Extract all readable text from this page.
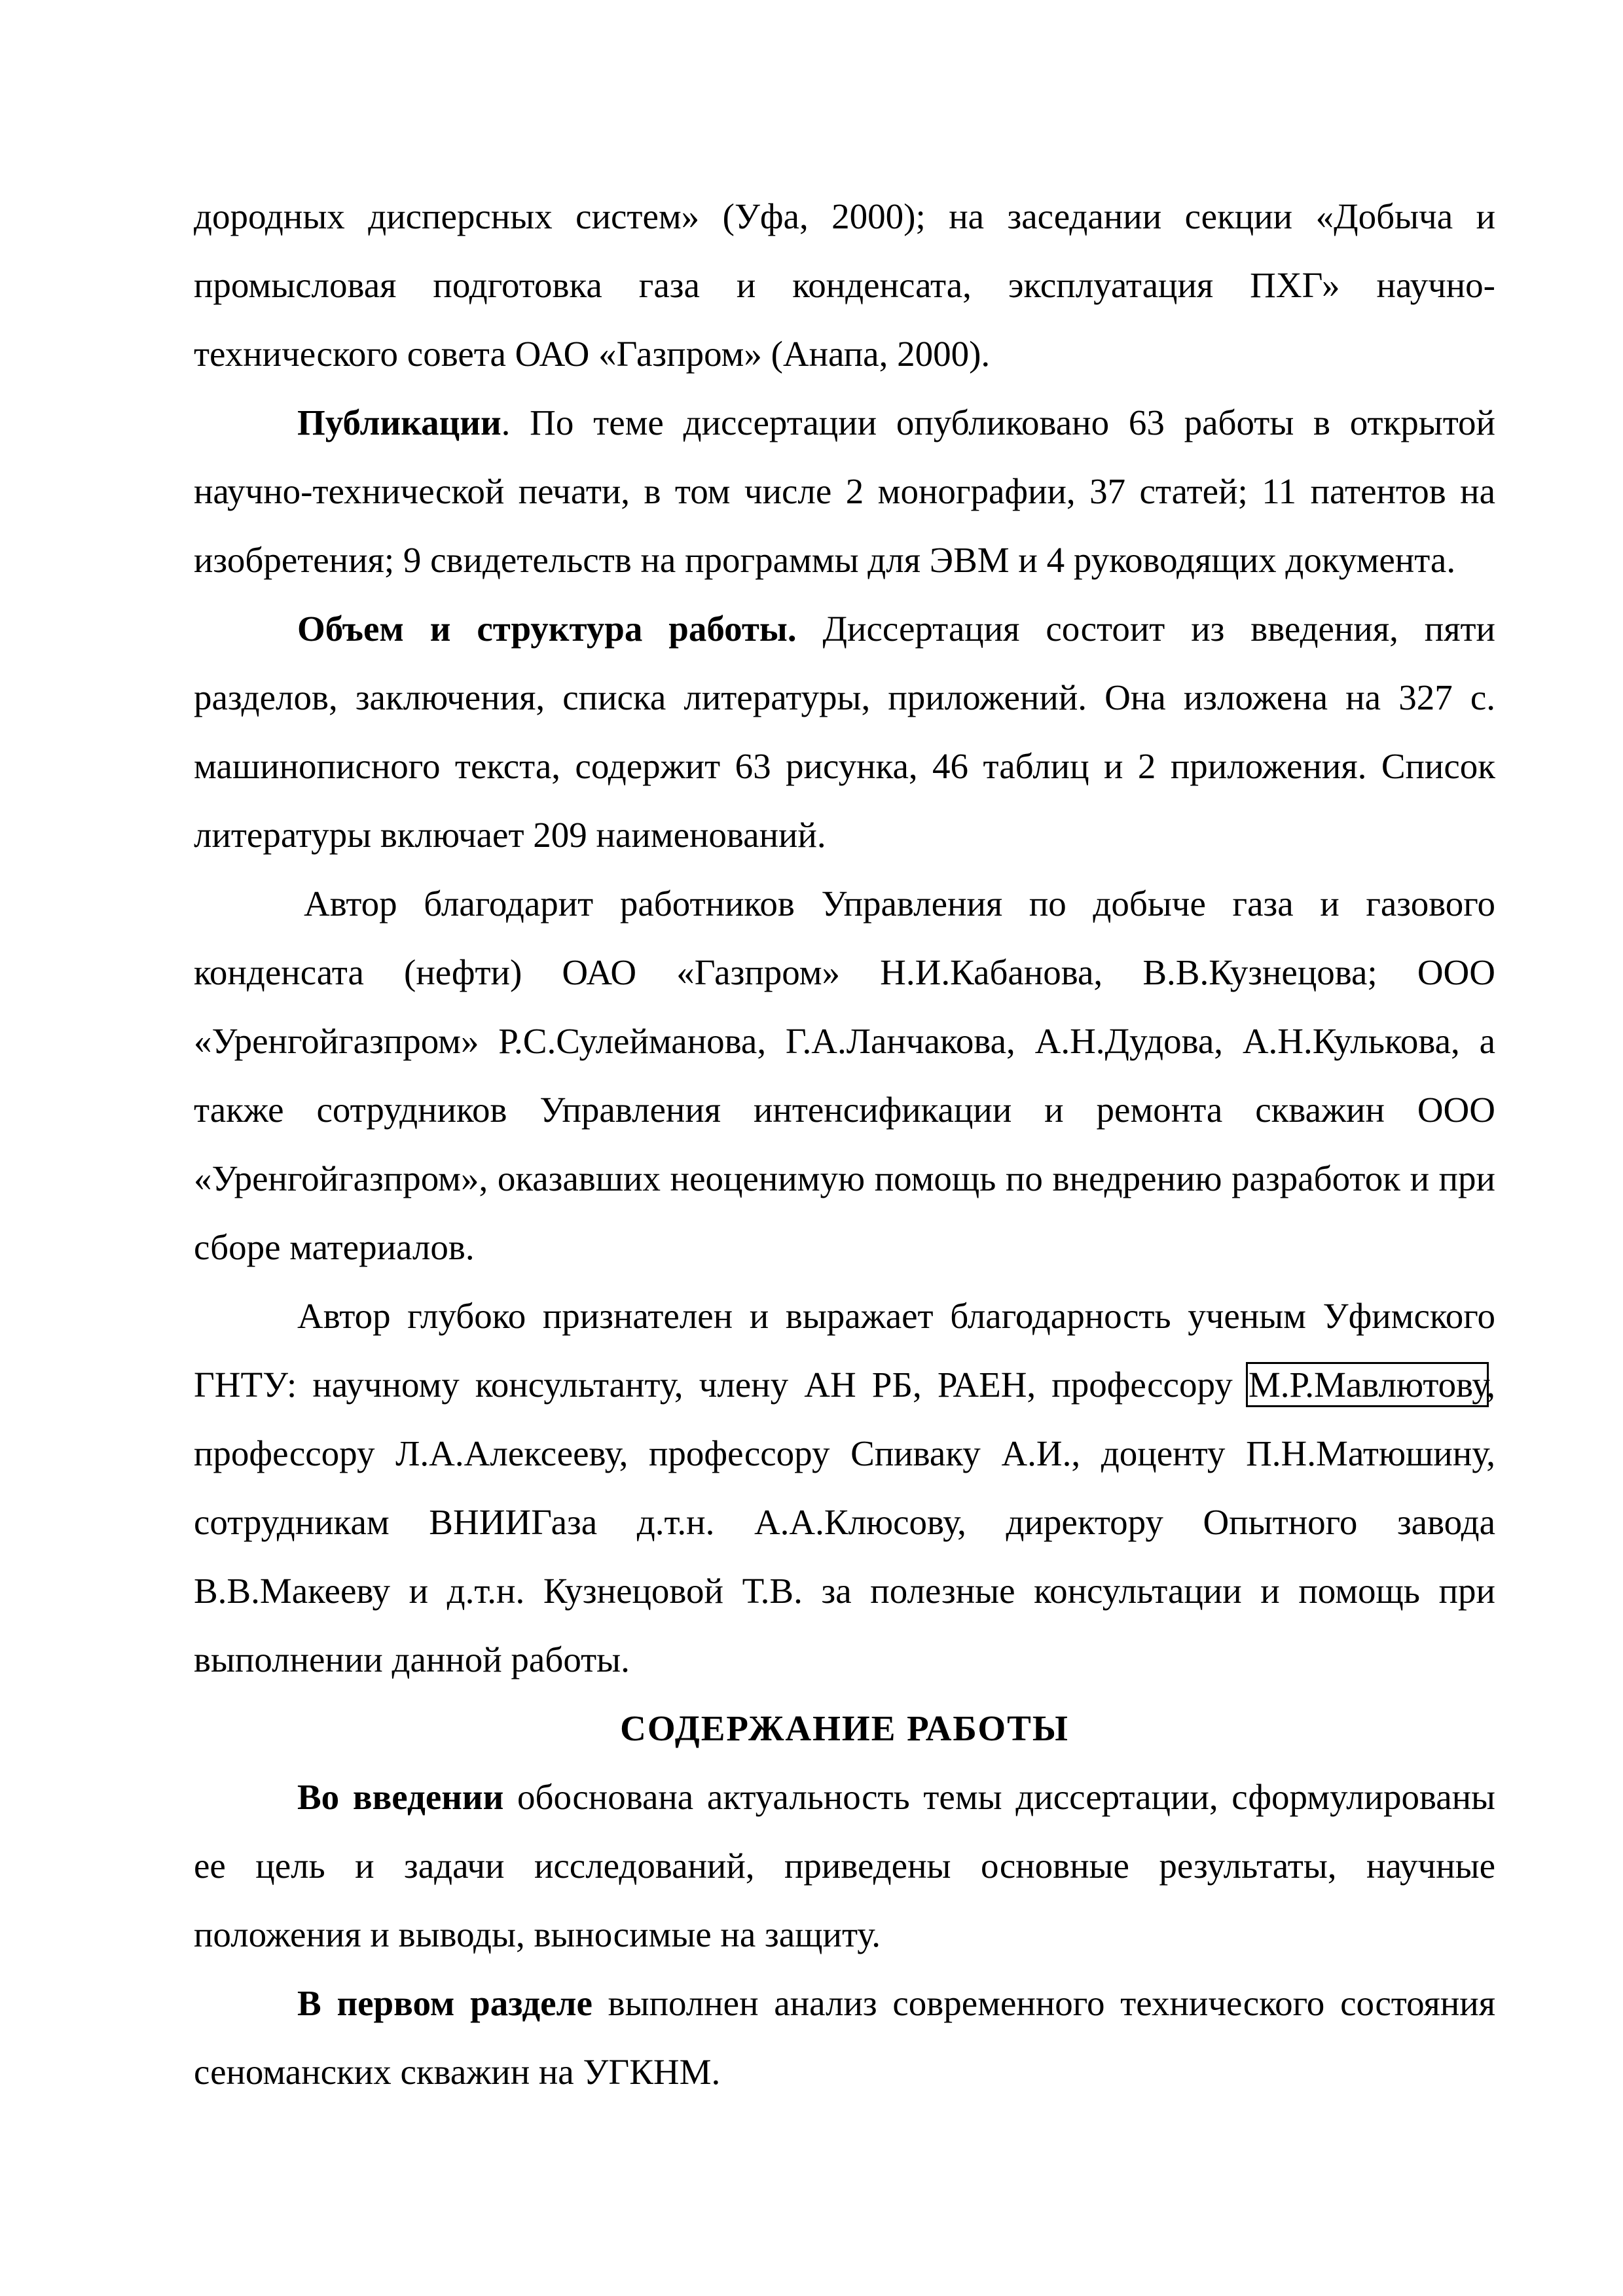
дородных дисперсных систем» (Уфа, 2000); на заседании секции «Добыча и промысловая подготовка газа и конденсата, эксплуатация ПХГ» научно-технического совета ОАО «Газпром» (Анапа, 2000).

Публикации. По теме диссертации опубликовано 63 работы в открытой научно-технической печати, в том числе 2 монографии, 37 статей; 11 патентов на изобретения; 9 свидетельств на программы для ЭВМ и 4 руководящих документа.

Объем и структура работы. Диссертация состоит из введения, пяти разделов, заключения, списка литературы, приложений. Она изложена на 327 с. машинописного текста, содержит 63 рисунка, 46 таблиц и 2 приложения. Список литературы включает 209 наименований.

Автор благодарит работников Управления по добыче газа и газового конденсата (нефти) ОАО «Газпром» Н.И.Кабанова, В.В.Кузнецова; ООО «Уренгойгазпром» Р.С.Сулейманова, Г.А.Ланчакова, А.Н.Дудова, А.Н.Кулькова, а также сотрудников Управления интенсификации и ремонта скважин ООО «Уренгойгазпром», оказавших неоценимую помощь по внедрению разработок и при сборе материалов.

Автор глубоко признателен и выражает благодарность ученым Уфимского ГНТУ: научному консультанту, члену АН РБ, РАЕН, профессору М.Р.Мавлютову, профессору Л.А.Алексееву, профессору Спиваку А.И., доценту П.Н.Матюшину, сотрудникам ВНИИГаза д.т.н. А.А.Клюсову, директору Опытного завода В.В.Макееву и д.т.н. Кузнецовой Т.В. за полезные консультации и помощь при выполнении данной работы.

СОДЕРЖАНИЕ РАБОТЫ

Во введении обоснована актуальность темы диссертации, сформулированы ее цель и задачи исследований, приведены основные результаты, научные положения и выводы, выносимые на защиту.

В первом разделе выполнен анализ современного технического состояния сеноманских скважин на УГКНМ.
